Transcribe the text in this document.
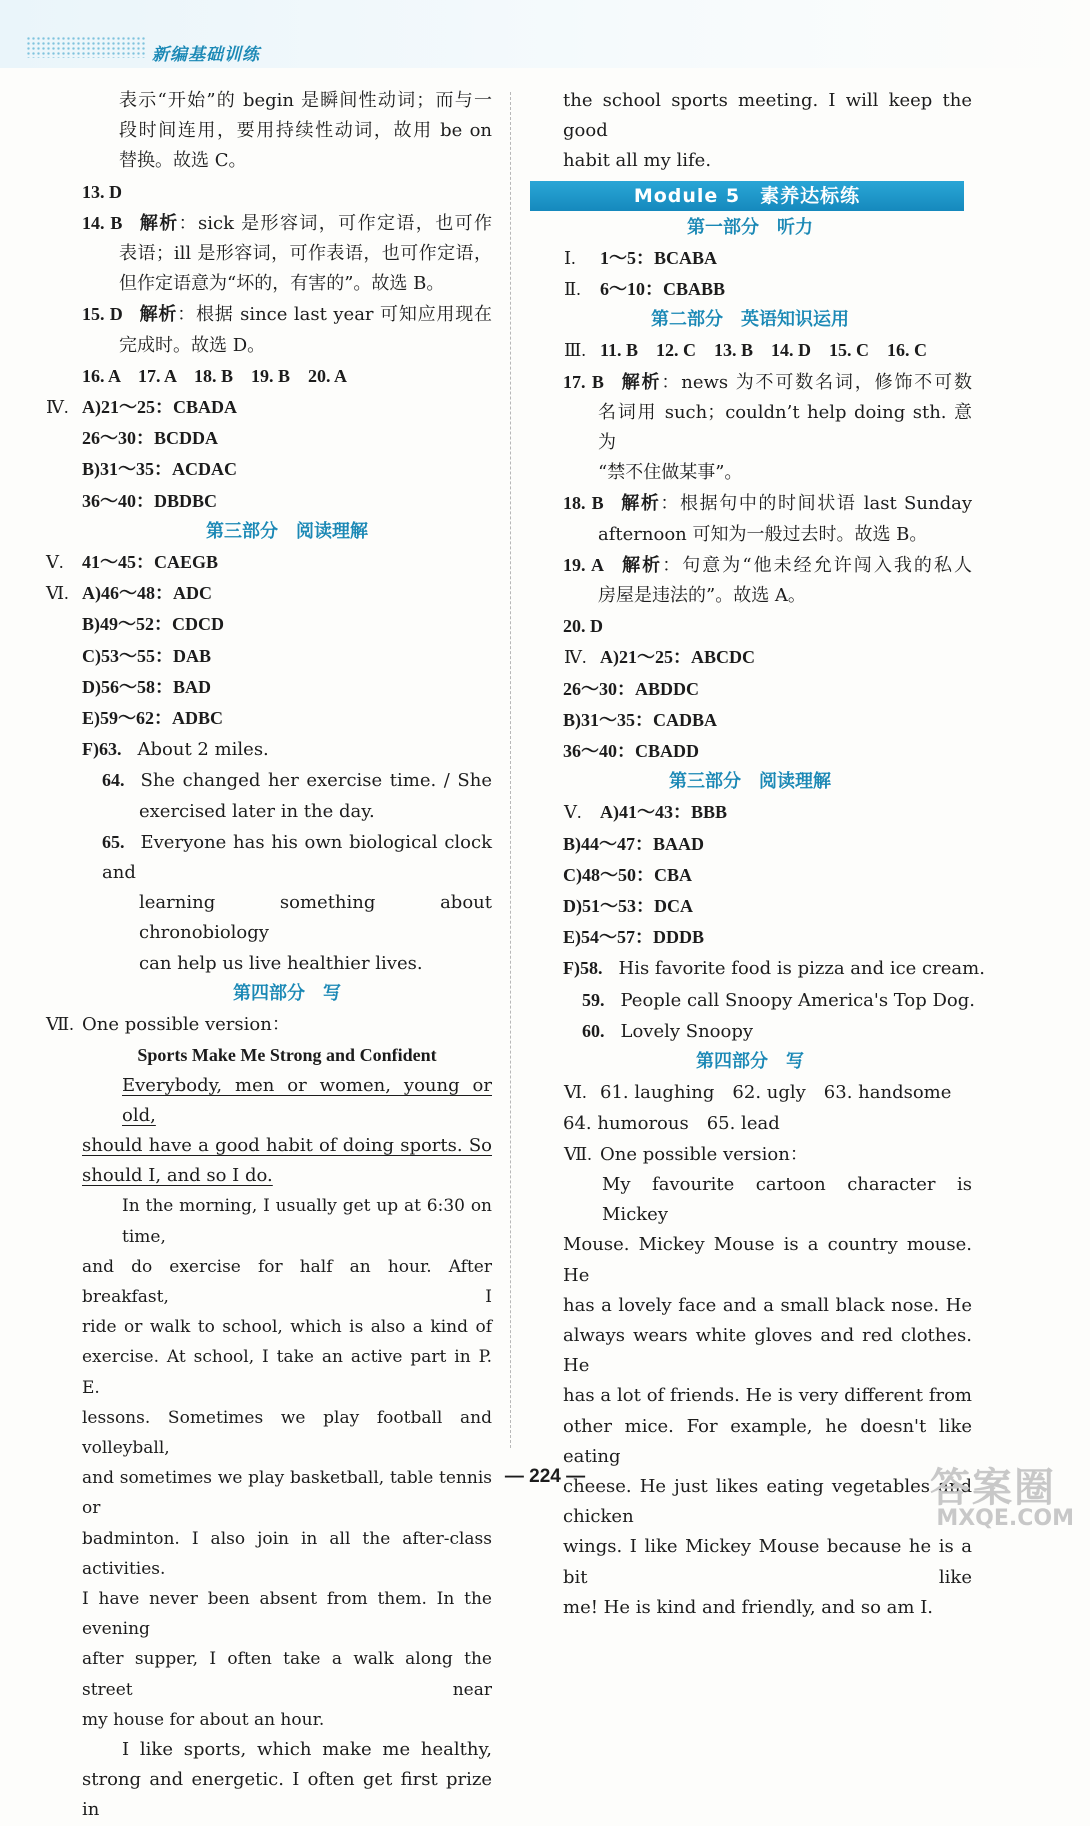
新编基础训练
表示“开始”的 begin 是瞬间性动词；而与一
段时间连用，要用持续性动词，故用 be on
替换。故选 C。
13. D
14. B 解析：sick 是形容词，可作定语，也可作
表语；ill 是形容词，可作表语，也可作定语，
但作定语意为“坏的，有害的”。故选 B。
15. D 解析：根据 since last year 可知应用现在
完成时。故选 D。
16. A　17. A　18. B　19. B　20. A
Ⅳ. A)21～25：CBADA
26～30：BCDDA
B)31～35：ACDAC
36～40：DBDBC
第三部分　阅读理解
Ⅴ. 41～45：CAEGB
Ⅵ. A)46～48：ADC
B)49～52：CDCD
C)53～55：DAB
D)56～58：BAD
E)59～62：ADBC
F)63. About 2 miles.
64. She changed her exercise time. / She
exercised later in the day.
65. Everyone has his own biological clock and
learning something about chronobiology
can help us live healthier lives.
第四部分　写
Ⅶ. One possible version：
Sports Make Me Strong and Confident
Everybody, men or women, young or old,
should have a good habit of doing sports. So
should I, and so I do.
In the morning, I usually get up at 6:30 on time,
and do exercise for half an hour. After breakfast, I
ride or walk to school, which is also a kind of
exercise. At school, I take an active part in P. E.
lessons. Sometimes we play football and volleyball,
and sometimes we play basketball, table tennis or
badminton. I also join in all the after-class activities.
I have never been absent from them. In the evening
after supper, I often take a walk along the street near
my house for about an hour.
I like sports, which make me healthy,
strong and energetic. I often get first prize in
the school sports meeting. I will keep the good
habit all my life.
Module 5　素养达标练
第一部分　听力
Ⅰ. 1～5：BCABA
Ⅱ. 6～10：CBABB
第二部分　英语知识运用
Ⅲ. 11. B　12. C　13. B　14. D　15. C　16. C
17. B 解析：news 为不可数名词，修饰不可数
名词用 such；couldn’t help doing sth. 意为
“禁不住做某事”。
18. B 解析：根据句中的时间状语 last Sunday
afternoon 可知为一般过去时。故选 B。
19. A 解析：句意为“他未经允许闯入我的私人
房屋是违法的”。故选 A。
20. D
Ⅳ. A)21～25：ABCDC
26～30：ABDDC
B)31～35：CADBA
36～40：CBADD
第三部分　阅读理解
Ⅴ. A)41～43：BBB
B)44～47：BAAD
C)48～50：CBA
D)51～53：DCA
E)54～57：DDDB
F)58. His favorite food is pizza and ice cream.
59. People call Snoopy America's Top Dog.
60. Lovely Snoopy
第四部分　写
Ⅵ. 61. laughing　62. ugly　63. handsome
64. humorous　65. lead
Ⅶ. One possible version：
My favourite cartoon character is Mickey
Mouse. Mickey Mouse is a country mouse. He
has a lovely face and a small black nose. He
always wears white gloves and red clothes. He
has a lot of friends. He is very different from
other mice. For example, he doesn't like eating
cheese. He just likes eating vegetables and chicken
wings. I like Mickey Mouse because he is a bit like
me! He is kind and friendly, and so am I.
— 224 —	答案圈
MXQE.COM
